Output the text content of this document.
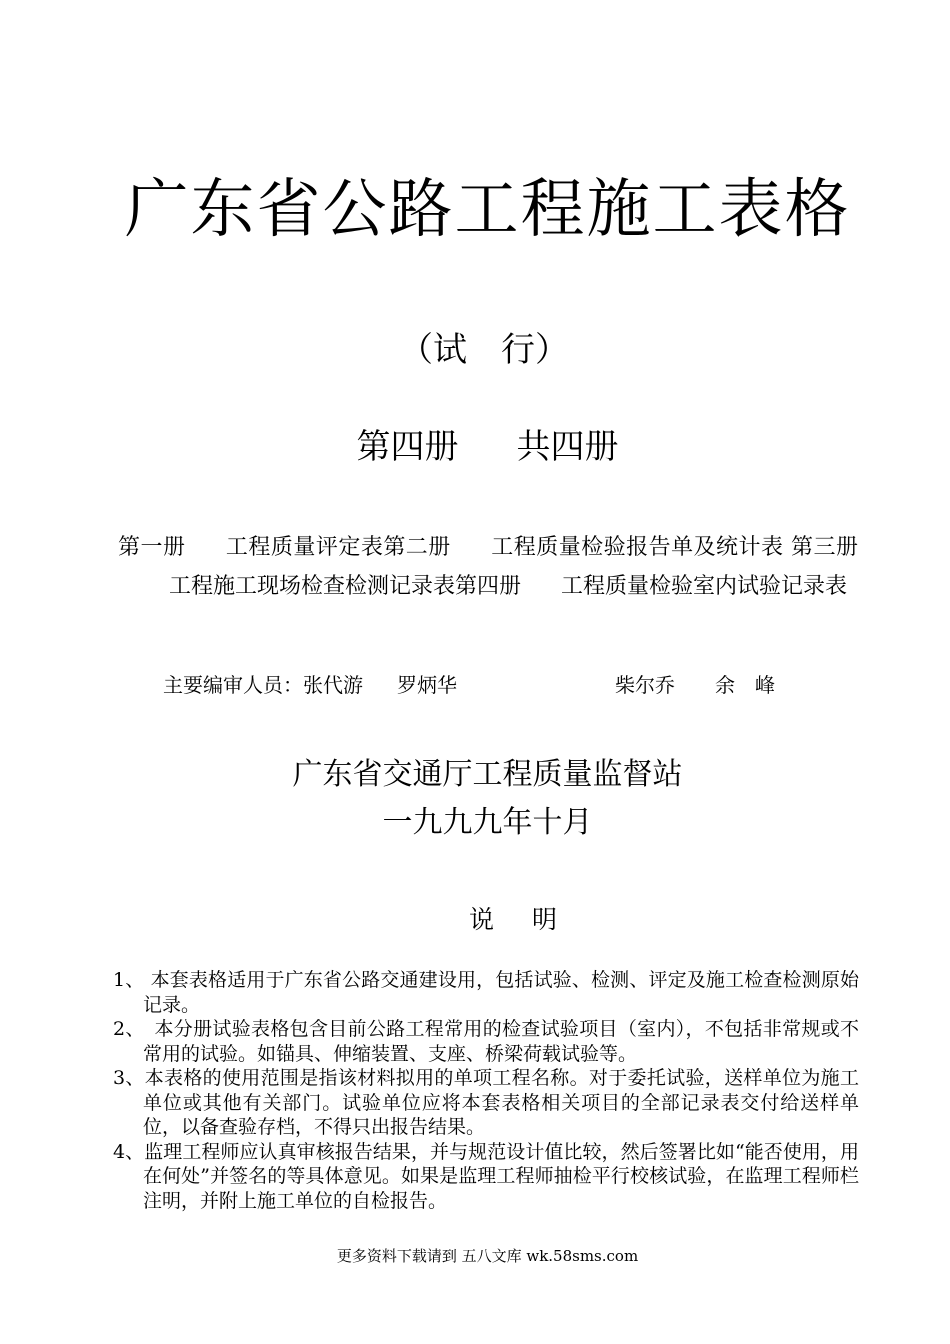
广东省公路工程施工表格
（试　行）
第四册 共四册
第一册 工程质量评定表第二册 工程质量检验报告单及统计表 第三册工程施工现场检查检测记录表第四册 工程质量检验室内试验记录表
主要编审人员：张代游 罗炳华	柴尔乔 余　峰
广东省交通厅工程质量监督站
一九九九年十月
说 明
1、 本套表格适用于广东省公路交通建设用，包括试验、检测、评定及施工检查检测原始记录。
2、　本分册试验表格包含目前公路工程常用的检查试验项目（室内），不包括非常规或不常用的试验。如锚具、伸缩装置、支座、桥梁荷载试验等。
3、本表格的使用范围是指该材料拟用的单项工程名称。对于委托试验，送样单位为施工单位或其他有关部门。试验单位应将本套表格相关项目的全部记录表交付给送样单位，以备查验存档，不得只出报告结果。
4、监理工程师应认真审核报告结果，并与规范设计值比较，然后签署比如“能否使用，用在何处”并签名的等具体意见。如果是监理工程师抽检平行校核试验，在监理工程师栏注明，并附上施工单位的自检报告。
更多资料下载请到 五八文库 wk.58sms.com
